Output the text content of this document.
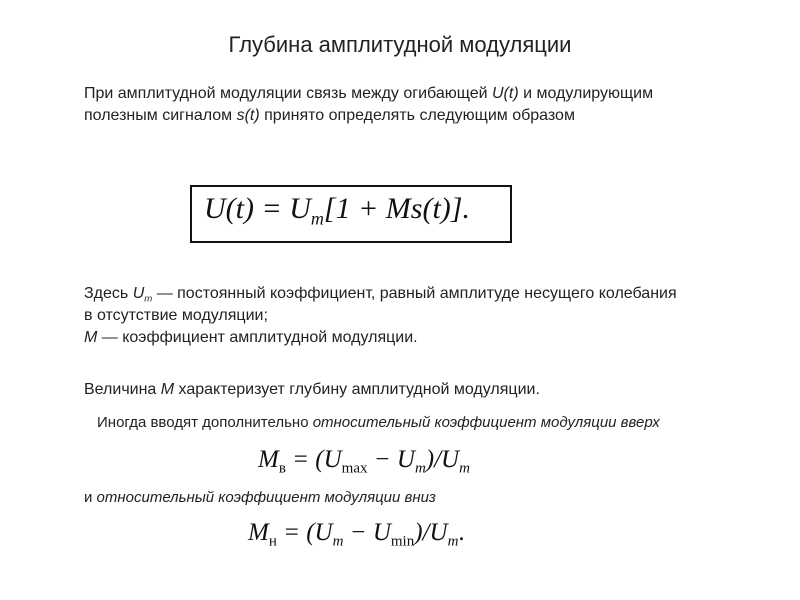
Глубина амплитудной модуляции
При амплитудной модуляции связь между огибающей U(t) и модулирующим полезным сигналом s(t) принято определять следующим образом
$U(t) = U_m[1 + Ms(t)]$.
Здесь $U_m$ — постоянный коэффициент, равный амплитуде несущего колебания в отсутствие модуляции;
M — коэффициент амплитудной модуляции.
Величина M характеризует глубину амплитудной модуляции.
Иногда вводят дополнительно относительный коэффициент модуляции вверх
$M_в = (U_{max} - U_m)/U_m$
и относительный коэффициент модуляции вниз
$M_н = (U_m - U_{min})/U_m$.
